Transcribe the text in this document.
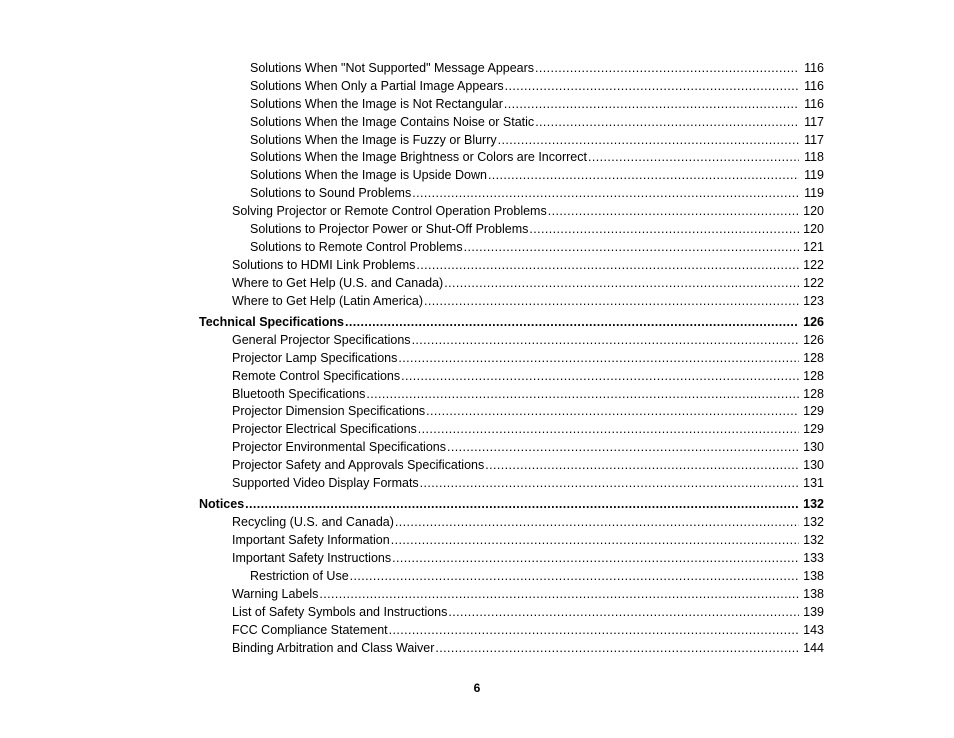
Solutions When "Not Supported" Message Appears .....	116
Solutions When Only a Partial Image Appears .....	116
Solutions When the Image is Not Rectangular .....	116
Solutions When the Image Contains Noise or Static .....	117
Solutions When the Image is Fuzzy or Blurry .....	117
Solutions When the Image Brightness or Colors are Incorrect .....	118
Solutions When the Image is Upside Down .....	119
Solutions to Sound Problems .....	119
Solving Projector or Remote Control Operation Problems .....	120
Solutions to Projector Power or Shut-Off Problems .....	120
Solutions to Remote Control Problems .....	121
Solutions to HDMI Link Problems .....	122
Where to Get Help (U.S. and Canada) .....	122
Where to Get Help (Latin America) .....	123
Technical Specifications .....	126
General Projector Specifications .....	126
Projector Lamp Specifications .....	128
Remote Control Specifications .....	128
Bluetooth Specifications .....	128
Projector Dimension Specifications .....	129
Projector Electrical Specifications .....	129
Projector Environmental Specifications .....	130
Projector Safety and Approvals Specifications .....	130
Supported Video Display Formats .....	131
Notices .....	132
Recycling (U.S. and Canada) .....	132
Important Safety Information .....	132
Important Safety Instructions .....	133
Restriction of Use .....	138
Warning Labels .....	138
List of Safety Symbols and Instructions .....	139
FCC Compliance Statement .....	143
Binding Arbitration and Class Waiver .....	144
6
